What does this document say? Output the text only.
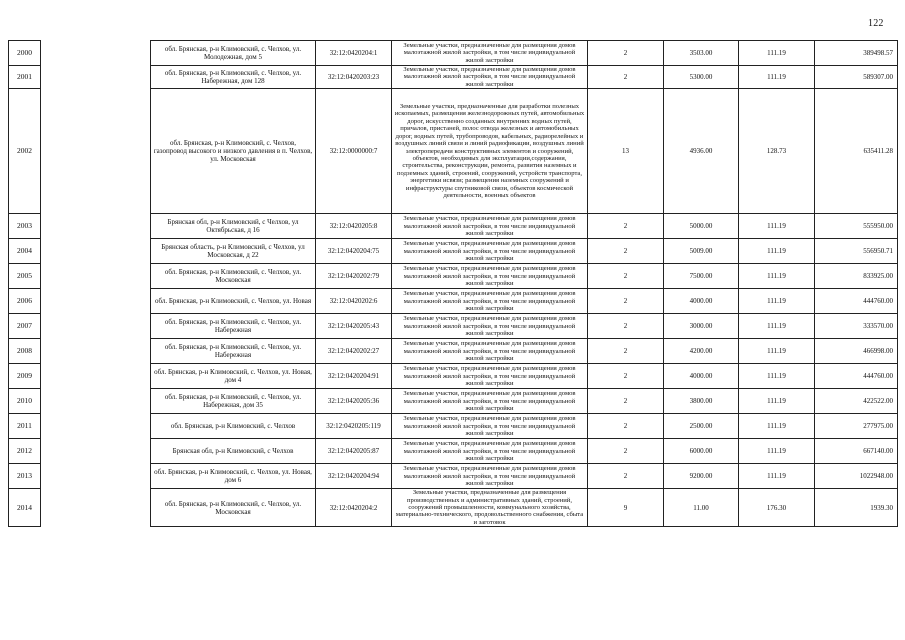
122
2000		обл. Брянская, р-н Климовский, с. Челхов, ул. Молодежная, дом 5	32:12:0420204:1	Земельные участки, предназначенные для размещения домов малоэтажной жилой застройки, в том числе индивидуальной жилой застройки	2	3503.00	111.19	389498.57
2001		обл. Брянская, р-н Климовский, с. Челхов, ул. Набережная, дом 128	32:12:0420203:23	Земельные участки, предназначенные для размещения домов малоэтажной жилой застройки, в том числе индивидуальной жилой застройки	2	5300.00	111.19	589307.00
2002		обл. Брянская, р-н Климовский, с. Челхов, газопровод высокого и низкого давления в п. Челхов, ул. Московская	32:12:0000000:7	Земельные участки, предназначенные для разработки полезных ископаемых, размещения железнодорожных путей, автомобильных дорог, искусственно созданных внутренних водных путей, причалов, пристаней, полос отвода железных и автомобильных дорог, водных путей, трубопроводов, кабельных, радиорелейных и воздушных линий связи и линий радиофикации, воздушных линий электропередачи конструктивных элементов и сооружений, объектов, необходимых для эксплуатации,содержания, строительства, реконструкции, ремонта, развития наземных и подземных зданий, строений, сооружений, устройств транспорта, энергетики исвязи; размещения наземных сооружений и инфраструктуры спутниковой связи, объектов космической деятельности, военных объектов	13	4936.00	128.73	635411.28
2003		Брянская обл, р-н Климовский, с Челхов, ул Октябрьская, д 16	32:12:0420205:8	Земельные участки, предназначенные для размещения домов малоэтажной жилой застройки, в том числе индивидуальной жилой застройки	2	5000.00	111.19	555950.00
2004		Брянская область, р-н Климовский, с Челхов, ул Московская, д 22	32:12:0420204:75	Земельные участки, предназначенные для размещения домов малоэтажной жилой застройки, в том числе индивидуальной жилой застройки	2	5009.00	111.19	556950.71
2005		обл. Брянская, р-н Климовский, с. Челхов, ул. Московская	32:12:0420202:79	Земельные участки, предназначенные для размещения домов малоэтажной жилой застройки, в том числе индивидуальной жилой застройки	2	7500.00	111.19	833925.00
2006		обл. Брянская, р-н Климовский, с. Челхов, ул. Новая	32:12:0420202:6	Земельные участки, предназначенные для размещения домов малоэтажной жилой застройки, в том числе индивидуальной жилой застройки	2	4000.00	111.19	444760.00
2007		обл. Брянская, р-н Климовский, с. Челхов, ул. Набережная	32:12:0420205:43	Земельные участки, предназначенные для размещения домов малоэтажной жилой застройки, в том числе индивидуальной жилой застройки	2	3000.00	111.19	333570.00
2008		обл. Брянская, р-н Климовский, с. Челхов, ул. Набережная	32:12:0420202:27	Земельные участки, предназначенные для размещения домов малоэтажной жилой застройки, в том числе индивидуальной жилой застройки	2	4200.00	111.19	466998.00
2009		обл. Брянская, р-н Климовский, с. Челхов, ул. Новая, дом 4	32:12:0420204:91	Земельные участки, предназначенные для размещения домов малоэтажной жилой застройки, в том числе индивидуальной жилой застройки	2	4000.00	111.19	444760.00
2010		обл. Брянская, р-н Климовский, с. Челхов, ул. Набережная, дом 35	32:12:0420205:36	Земельные участки, предназначенные для размещения домов малоэтажной жилой застройки, в том числе индивидуальной жилой застройки	2	3800.00	111.19	422522.00
2011		обл. Брянская, р-н Климовский, с. Челхов	32:12:0420205:119	Земельные участки, предназначенные для размещения домов малоэтажной жилой застройки, в том числе индивидуальной жилой застройки	2	2500.00	111.19	277975.00
2012		Брянская обл, р-н Климовский, с Челхов	32:12:0420205:87	Земельные участки, предназначенные для размещения домов малоэтажной жилой застройки, в том числе индивидуальной жилой застройки	2	6000.00	111.19	667140.00
2013		обл. Брянская, р-н Климовский, с. Челхов, ул. Новая, дом 6	32:12:0420204:94	Земельные участки, предназначенные для размещения домов малоэтажной жилой застройки, в том числе индивидуальной жилой застройки	2	9200.00	111.19	1022948.00
2014		обл. Брянская, р-н Климовский, с. Челхов, ул. Московская	32:12:0420204:2	Земельные участки, предназначенные для размещения производственных и административных зданий, строений, сооружений промышленности, коммунального хозяйства, материально-технического, продовольственного снабжения, сбыта и заготовок	9	11.00	176.30	1939.30
